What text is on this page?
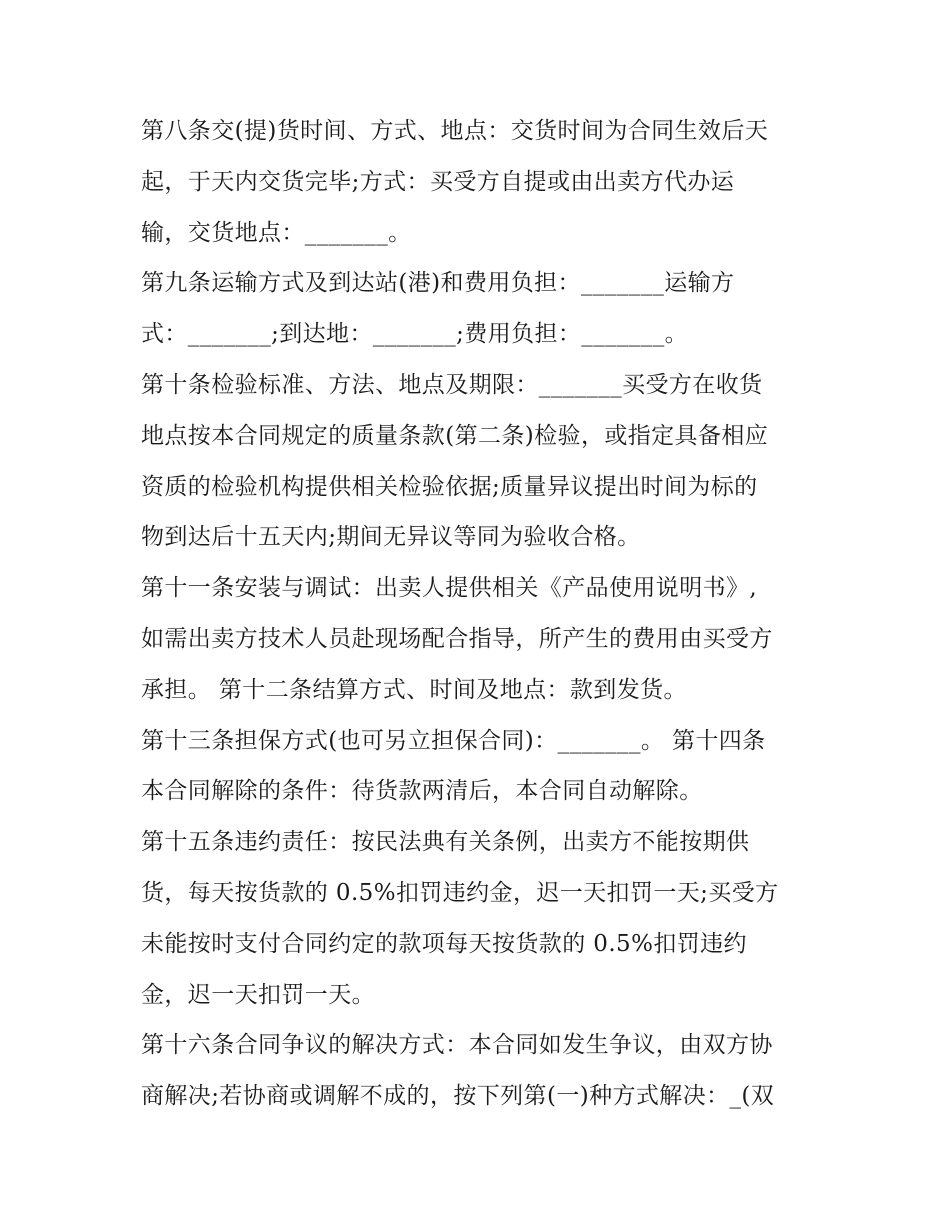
第八条交(提)货时间、方式、地点：交货时间为合同生效后天
起，于天内交货完毕;方式：买受方自提或由出卖方代办运
输，交货地点：_______。
第九条运输方式及到达站(港)和费用负担：_______运输方
式：_______;到达地：_______;费用负担：_______。
第十条检验标准、方法、地点及期限：_______买受方在收货
地点按本合同规定的质量条款(第二条)检验，或指定具备相应
资质的检验机构提供相关检验依据;质量异议提出时间为标的
物到达后十五天内;期间无异议等同为验收合格。
第十一条安装与调试：出卖人提供相关《产品使用说明书》,
如需出卖方技术人员赴现场配合指导，所产生的费用由买受方
承担。 第十二条结算方式、时间及地点：款到发货。
第十三条担保方式(也可另立担保合同)：_______。 第十四条
本合同解除的条件：待货款两清后，本合同自动解除。
第十五条违约责任：按民法典有关条例，出卖方不能按期供
货，每天按货款的 0.5%扣罚违约金，迟一天扣罚一天;买受方
未能按时支付合同约定的款项每天按货款的 0.5%扣罚违约
金，迟一天扣罚一天。
第十六条合同争议的解决方式：本合同如发生争议，由双方协
商解决;若协商或调解不成的，按下列第(一)种方式解决：_(双
